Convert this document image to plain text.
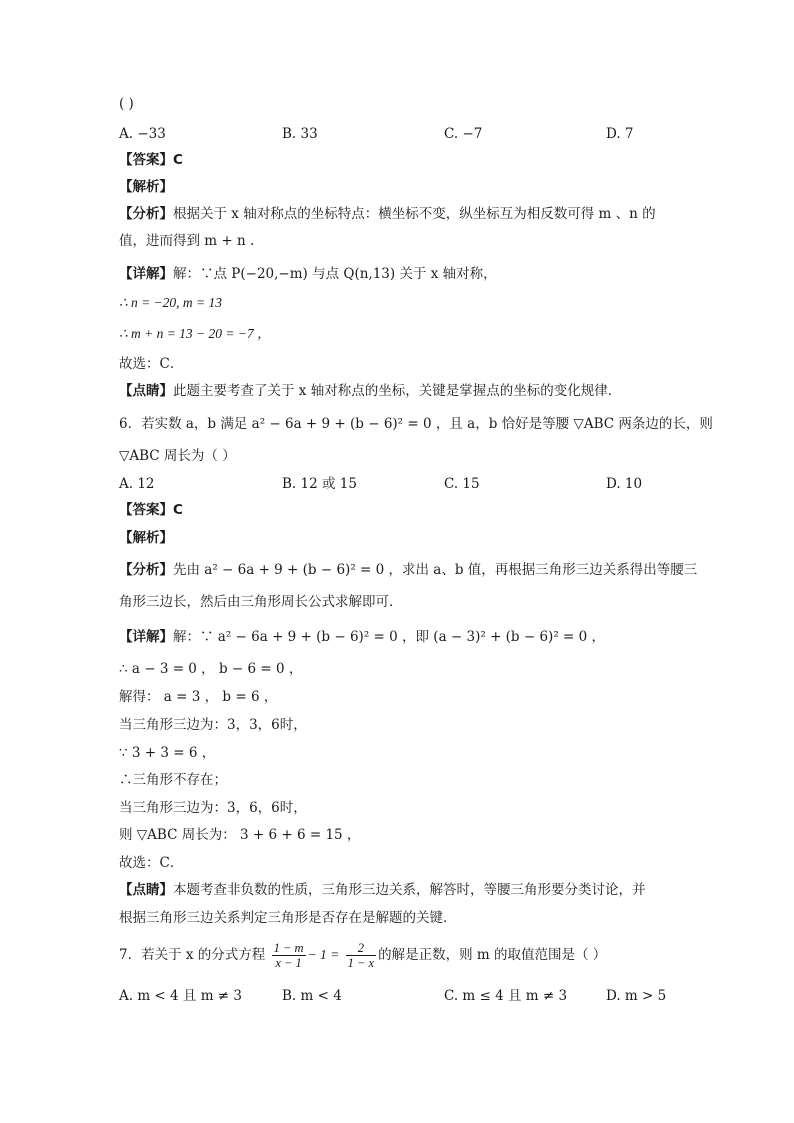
( )
A. −33	B. 33	C. −7	D. 7
【答案】C
【解析】
【分析】根据关于 x 轴对称点的坐标特点：横坐标不变，纵坐标互为相反数可得 m 、n 的
值，进而得到 m + n .
【详解】解：∵点 P(−20,−m) 与点 Q(n,13) 关于 x 轴对称，
∴ n = −20, m = 13
∴ m + n = 13 − 20 = −7 ，
故选：C．
【点睛】此题主要考查了关于 x 轴对称点的坐标，关键是掌握点的坐标的变化规律．
6．若实数 a，b 满足 a² − 6a + 9 + (b − 6)² = 0 ，且 a，b 恰好是等腰 ▽ABC 两条边的长，则
▽ABC 周长为（ ）
A. 12	B. 12 或 15	C. 15	D. 10
【答案】C
【解析】
【分析】先由 a² − 6a + 9 + (b − 6)² = 0 ，求出 a、b 值，再根据三角形三边关系得出等腰三
角形三边长，然后由三角形周长公式求解即可．
【详解】解：∵ a² − 6a + 9 + (b − 6)² = 0 ，即 (a − 3)² + (b − 6)² = 0 ，
∴ a − 3 = 0 ， b − 6 = 0 ，
解得： a = 3 ， b = 6 ，
当三角形三边为：3，3，6时，
∵ 3 + 3 = 6 ，
∴三角形不存在；
当三角形三边为：3，6，6时，
则 ▽ABC 周长为： 3 + 6 + 6 = 15 ，
故选：C．
【点睛】本题考查非负数的性质，三角形三边关系，解答时，等腰三角形要分类讨论，并
根据三角形三边关系判定三角形是否存在是解题的关键．
7．若关于 x 的分式方程 $\frac{1 - m}{x - 1} - 1 = \frac{2}{1 - x}$ 的解是正数，则 m 的取值范围是（ ）
A. m < 4 且 m ≠ 3	B. m < 4	C. m ≤ 4 且 m ≠ 3	D. m > 5
